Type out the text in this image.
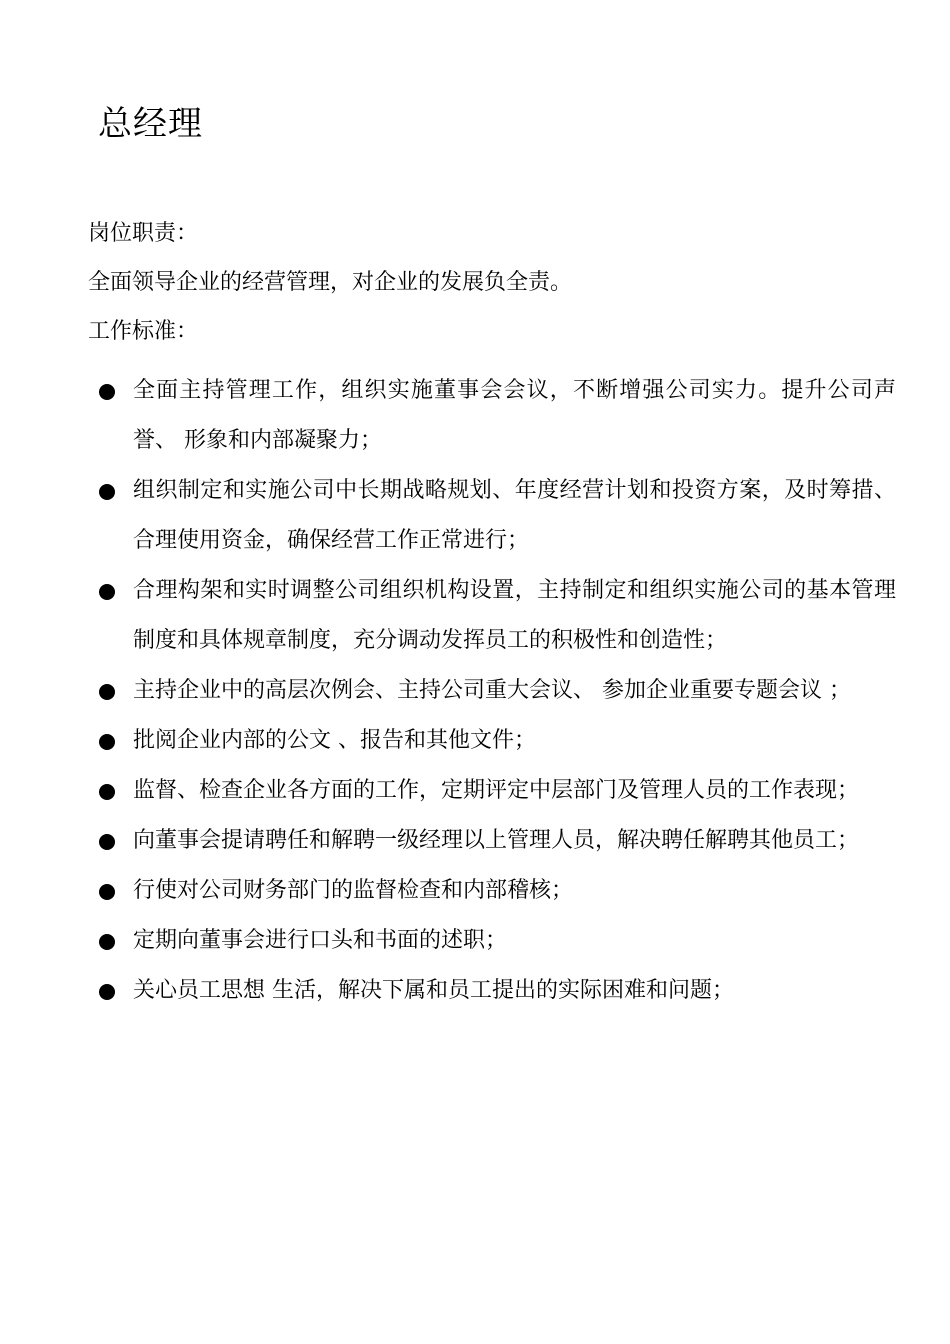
总经理

岗位职责：

全面领导企业的经营管理，对企业的发展负全责。

工作标准：

全面主持管理工作，组织实施董事会会议，不断增强公司实力。提升公司声誉、 形象和内部凝聚力；
组织制定和实施公司中长期战略规划、年度经营计划和投资方案，及时筹措、合理使用资金，确保经营工作正常进行；
合理构架和实时调整公司组织机构设置，主持制定和组织实施公司的基本管理制度和具体规章制度，充分调动发挥员工的积极性和创造性；
主持企业中的高层次例会、主持公司重大会议、 参加企业重要专题会议 ；
批阅企业内部的公文 、报告和其他文件；
监督、检查企业各方面的工作，定期评定中层部门及管理人员的工作表现；
向董事会提请聘任和解聘一级经理以上管理人员，解决聘任解聘其他员工；
行使对公司财务部门的监督检查和内部稽核；
定期向董事会进行口头和书面的述职；
关心员工思想 生活，解决下属和员工提出的实际困难和问题；
